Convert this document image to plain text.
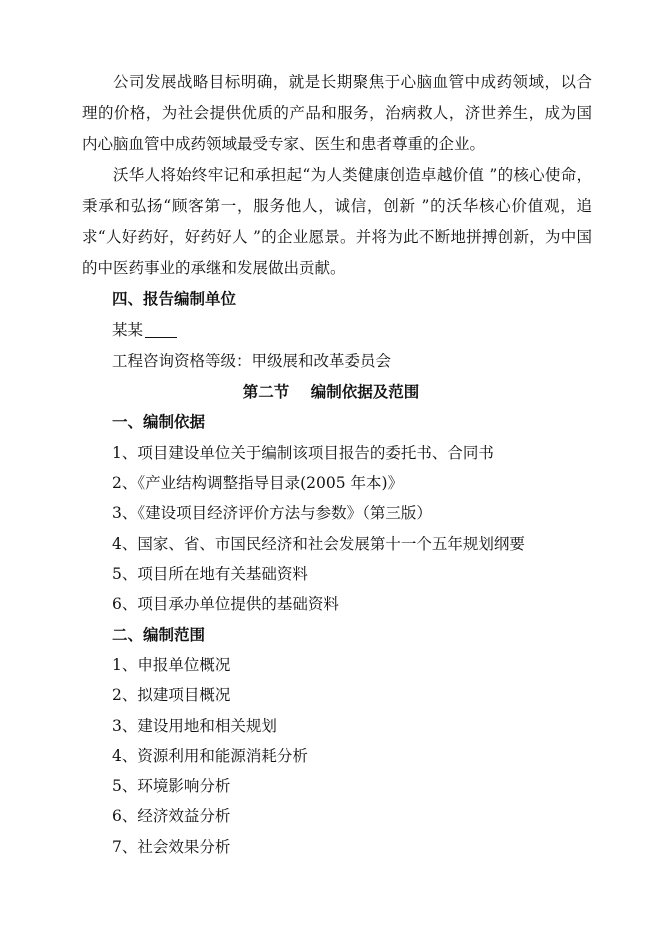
公司发展战略目标明确，就是长期聚焦于心脑血管中成药领域，以合理的价格，为社会提供优质的产品和服务，治病救人，济世养生，成为国内心脑血管中成药领域最受专家、医生和患者尊重的企业。
沃华人将始终牢记和承担起“为人类健康创造卓越价值 ”的核心使命，秉承和弘扬“顾客第一，服务他人，诚信，创新 ”的沃华核心价值观，追求“人好药好，好药好人 ”的企业愿景。并将为此不断地拼搏创新，为中国的中医药事业的承继和发展做出贡献。
四、报告编制单位
某某
工程咨询资格等级：甲级展和改革委员会
第二节    编制依据及范围
一、编制依据
1、项目建设单位关于编制该项目报告的委托书、合同书
2、《产业结构调整指导目录(2005 年本)》
3、《建设项目经济评价方法与参数》（第三版）
4、国家、省、市国民经济和社会发展第十一个五年规划纲要
5、项目所在地有关基础资料
6、项目承办单位提供的基础资料
二、编制范围
1、申报单位概况
2、拟建项目概况
3、建设用地和相关规划
4、资源利用和能源消耗分析
5、环境影响分析
6、经济效益分析
7、社会效果分析
